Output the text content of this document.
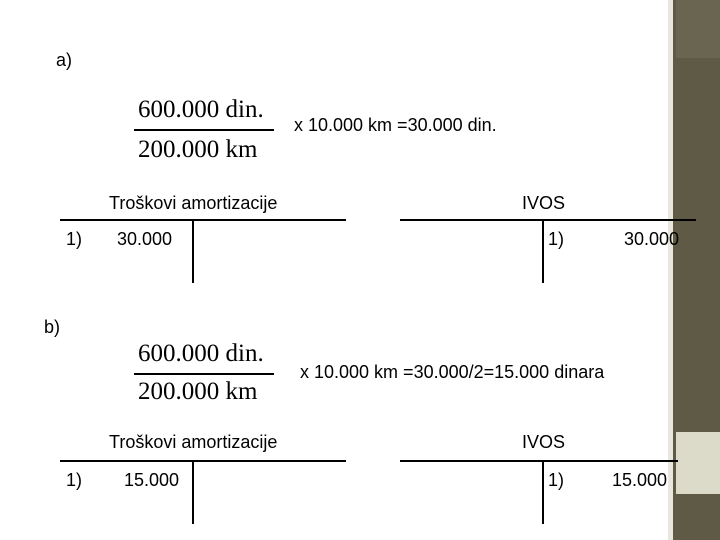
a)
600.000 din.
200.000 km
x 10.000 km =30.000 din.
Troškovi amortizacije
1) 30.000
IVOS
1)	30.000
b)
600.000 din.
200.000 km
x 10.000 km =30.000/2=15.000 dinara
Troškovi amortizacije
1) 15.000
IVOS
1)	15.000
